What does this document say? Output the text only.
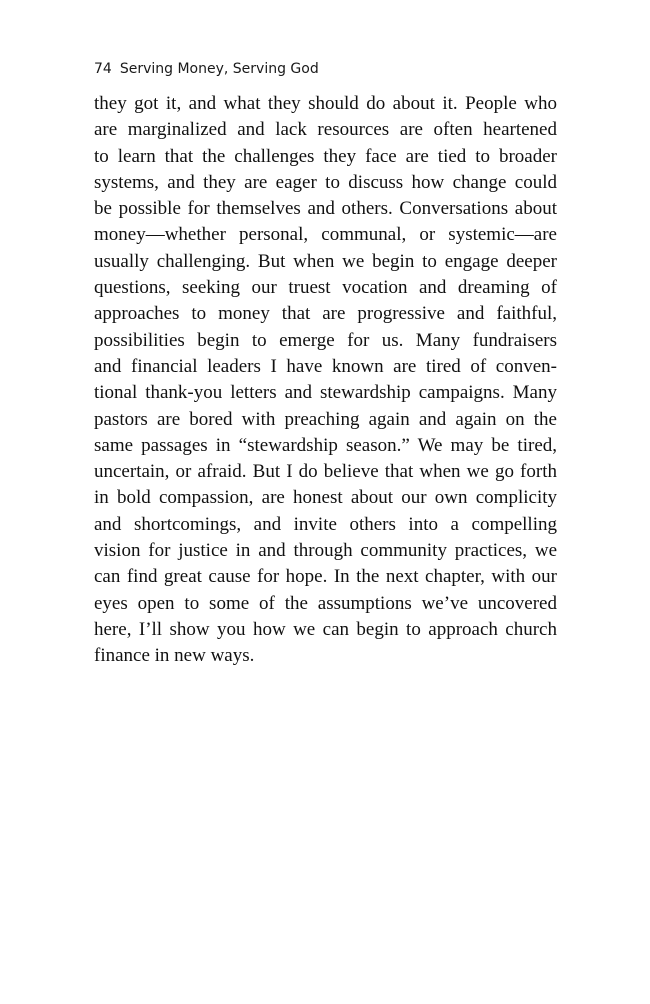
74 Serving Money, Serving God
they got it, and what they should do about it. People who
are marginalized and lack resources are often heartened
to learn that the challenges they face are tied to broader
systems, and they are eager to discuss how change could
be possible for themselves and others. Conversations about
money—whether personal, communal, or systemic—are
usually challenging. But when we begin to engage deeper
questions, seeking our truest vocation and dreaming of
approaches to money that are progressive and faithful,
possibilities begin to emerge for us. Many fundraisers
and financial leaders I have known are tired of conven-
tional thank-you letters and stewardship campaigns. Many
pastors are bored with preaching again and again on the
same passages in “stewardship season.” We may be tired,
uncertain, or afraid. But I do believe that when we go forth
in bold compassion, are honest about our own complicity
and shortcomings, and invite others into a compelling
vision for justice in and through community practices, we
can find great cause for hope. In the next chapter, with our
eyes open to some of the assumptions we’ve uncovered
here, I’ll show you how we can begin to approach church
finance in new ways.
